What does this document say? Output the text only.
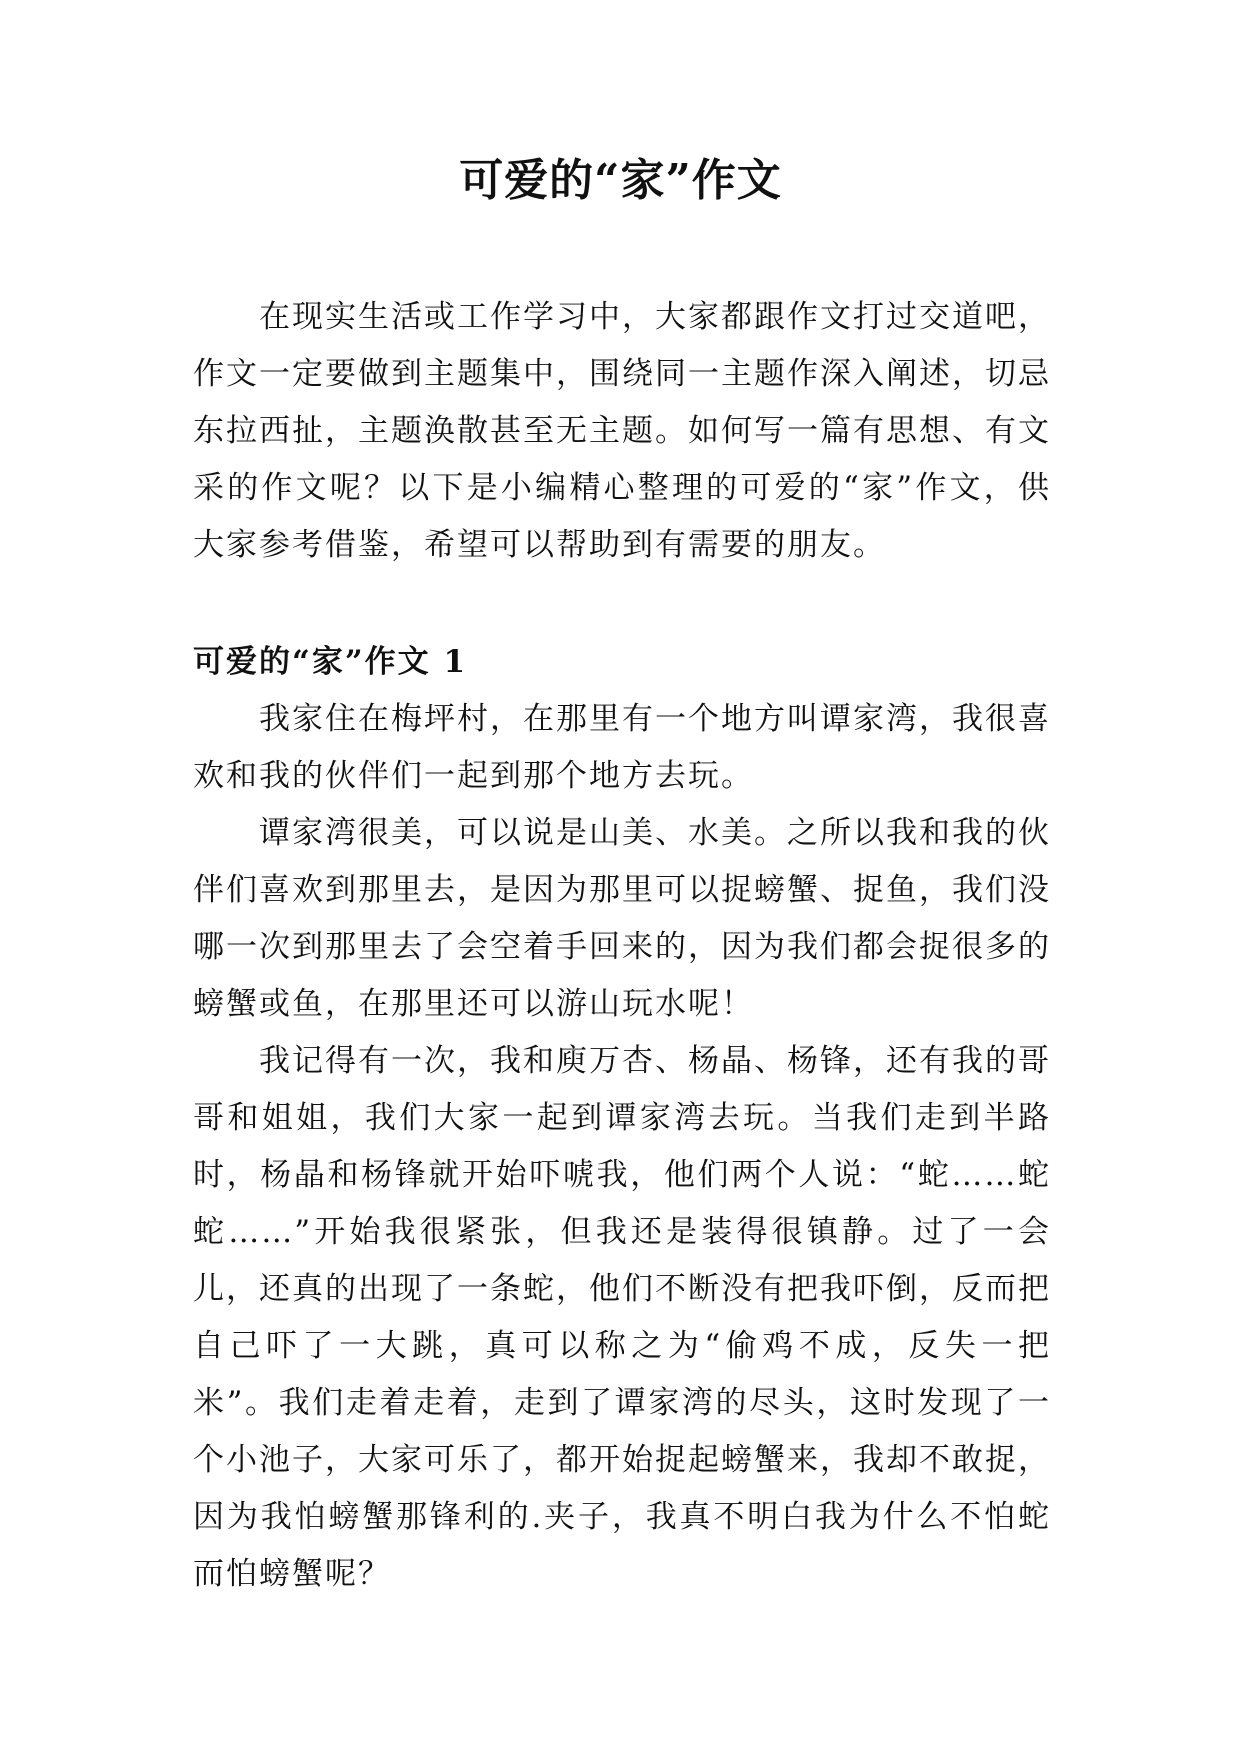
可爱的“家”作文

在现实生活或工作学习中，大家都跟作文打过交道吧，作文一定要做到主题集中，围绕同一主题作深入阐述，切忌东拉西扯，主题涣散甚至无主题。如何写一篇有思想、有文采的作文呢？以下是小编精心整理的可爱的“家”作文，供大家参考借鉴，希望可以帮助到有需要的朋友。

可爱的“家”作文 1

我家住在梅坪村，在那里有一个地方叫谭家湾，我很喜欢和我的伙伴们一起到那个地方去玩。

谭家湾很美，可以说是山美、水美。之所以我和我的伙伴们喜欢到那里去，是因为那里可以捉螃蟹、捉鱼，我们没哪一次到那里去了会空着手回来的，因为我们都会捉很多的螃蟹或鱼，在那里还可以游山玩水呢！

我记得有一次，我和庾万杏、杨晶、杨锋，还有我的哥哥和姐姐，我们大家一起到谭家湾去玩。当我们走到半路时，杨晶和杨锋就开始吓唬我，他们两个人说：“蛇……蛇蛇……”开始我很紧张，但我还是装得很镇静。过了一会儿，还真的出现了一条蛇，他们不断没有把我吓倒，反而把自己吓了一大跳，真可以称之为“偷鸡不成，反失一把米”。我们走着走着，走到了谭家湾的尽头，这时发现了一个小池子，大家可乐了，都开始捉起螃蟹来，我却不敢捉，因为我怕螃蟹那锋利的.夹子，我真不明白我为什么不怕蛇而怕螃蟹呢？
